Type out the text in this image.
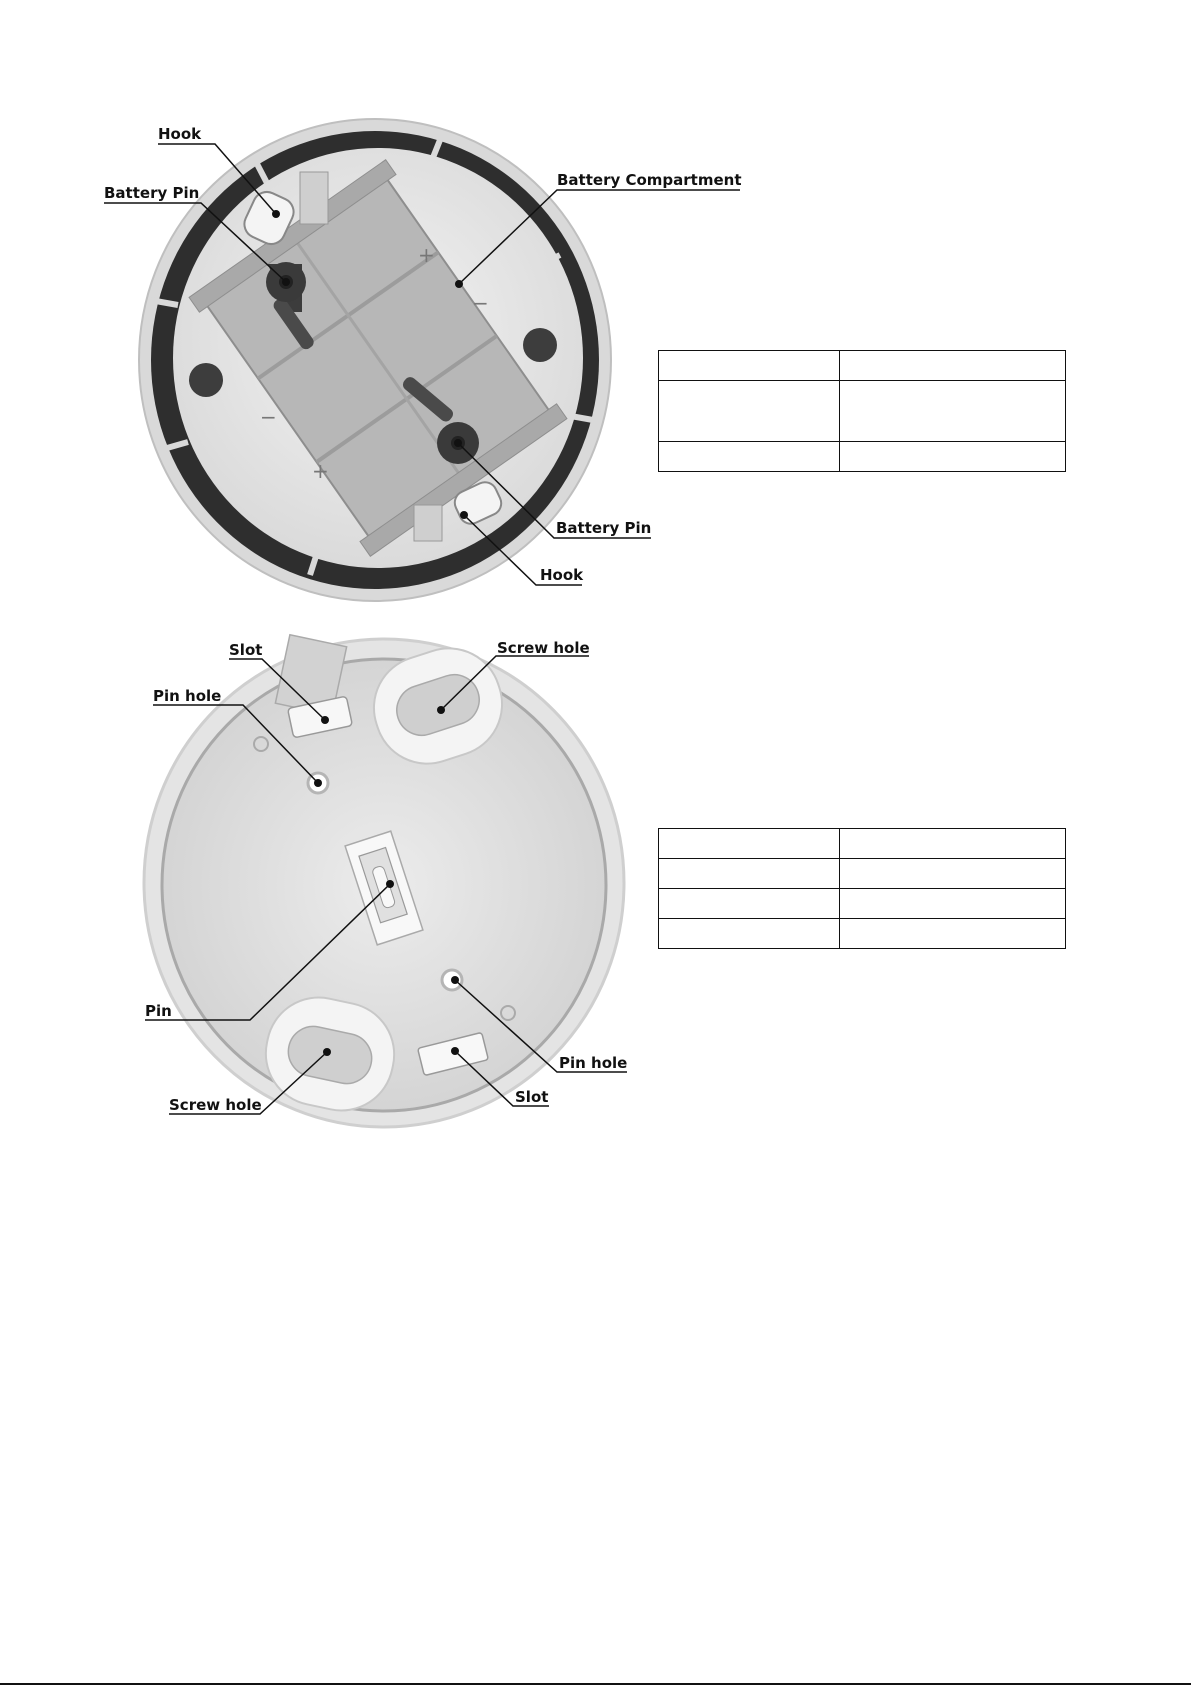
+
−
−
+
Hook
Battery Pin
Battery Compartment
Battery Pin
Hook
Slot	Screw hole
Pin hole
Pin
Pin hole
Slot
Screw hole
